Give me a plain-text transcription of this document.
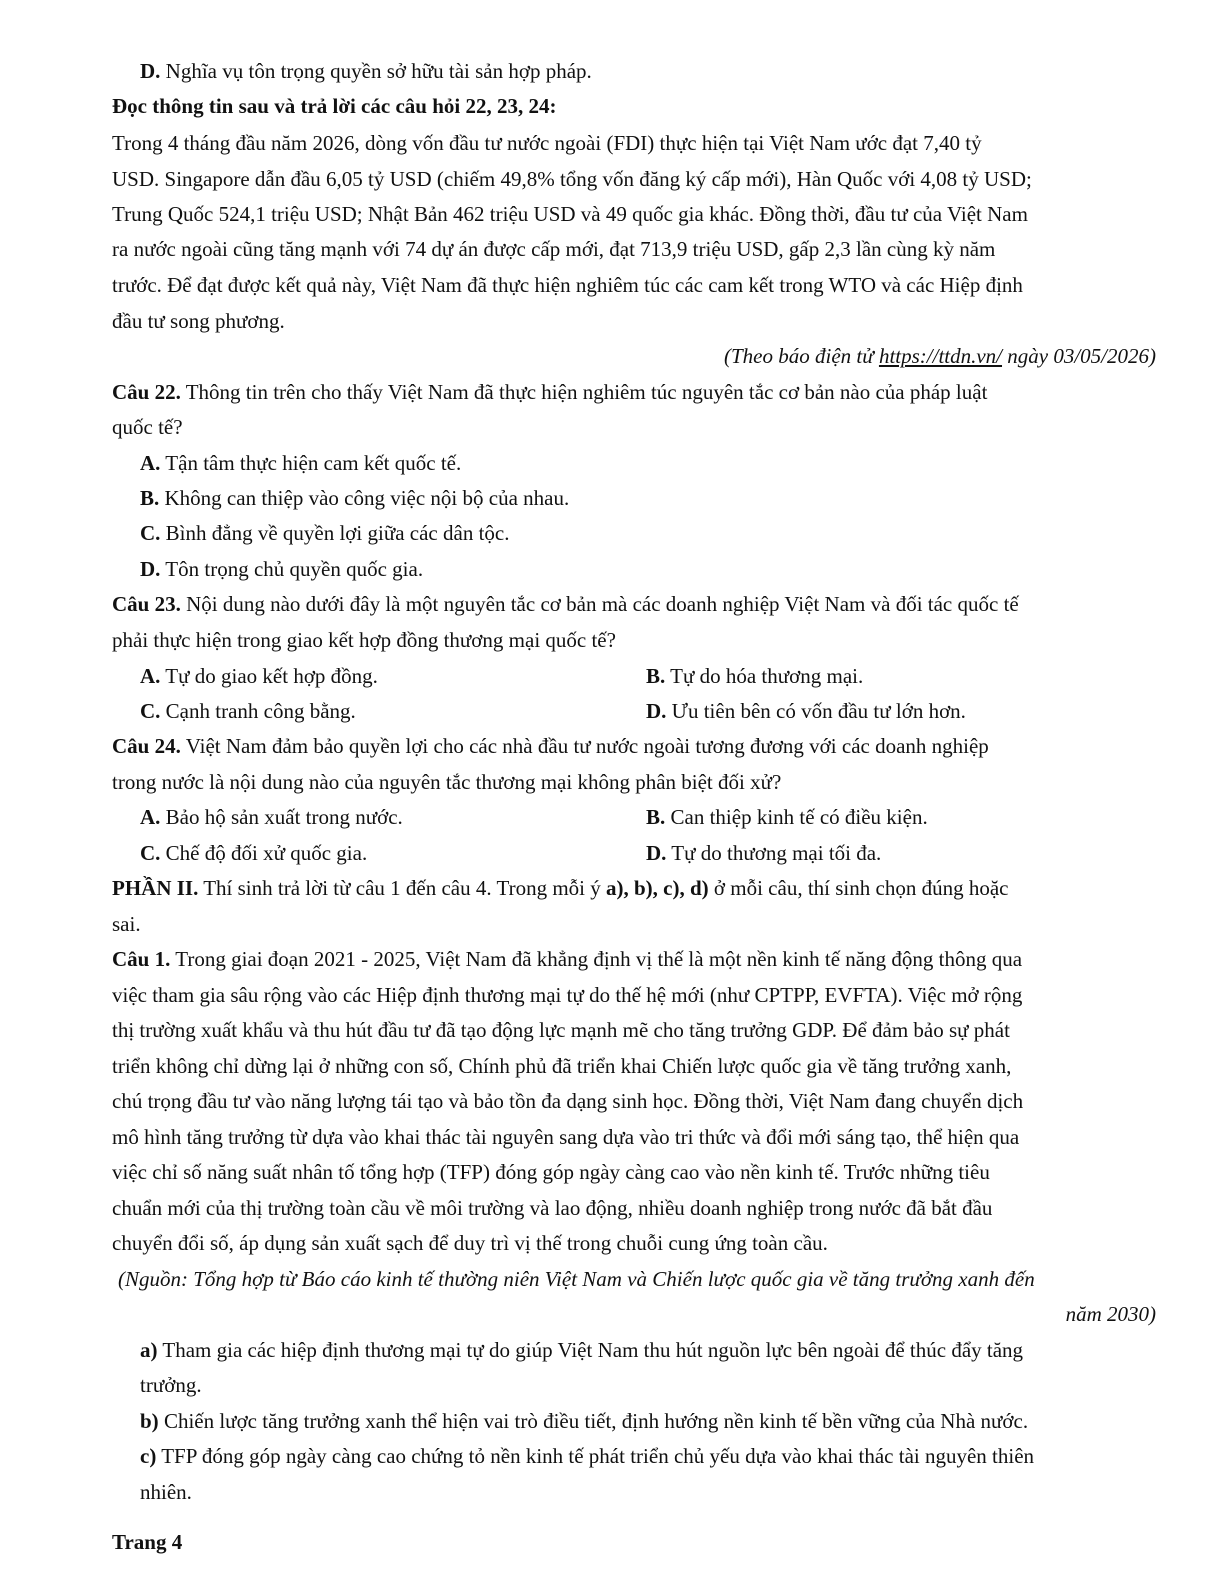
D. Nghĩa vụ tôn trọng quyền sở hữu tài sản hợp pháp.
Đọc thông tin sau và trả lời các câu hỏi 22, 23, 24:
Trong 4 tháng đầu năm 2026, dòng vốn đầu tư nước ngoài (FDI) thực hiện tại Việt Nam ước đạt 7,40 tỷ
USD. Singapore dẫn đầu 6,05 tỷ USD (chiếm 49,8% tổng vốn đăng ký cấp mới), Hàn Quốc với 4,08 tỷ USD;
Trung Quốc 524,1 triệu USD; Nhật Bản 462 triệu USD và 49 quốc gia khác. Đồng thời, đầu tư của Việt Nam
ra nước ngoài cũng tăng mạnh với 74 dự án được cấp mới, đạt 713,9 triệu USD, gấp 2,3 lần cùng kỳ năm
trước. Để đạt được kết quả này, Việt Nam đã thực hiện nghiêm túc các cam kết trong WTO và các Hiệp định
đầu tư song phương.
(Theo báo điện tử https://ttdn.vn/ ngày 03/05/2026)
Câu 22. Thông tin trên cho thấy Việt Nam đã thực hiện nghiêm túc nguyên tắc cơ bản nào của pháp luật
quốc tế?
A. Tận tâm thực hiện cam kết quốc tế.
B. Không can thiệp vào công việc nội bộ của nhau.
C. Bình đẳng về quyền lợi giữa các dân tộc.
D. Tôn trọng chủ quyền quốc gia.
Câu 23. Nội dung nào dưới đây là một nguyên tắc cơ bản mà các doanh nghiệp Việt Nam và đối tác quốc tế
phải thực hiện trong giao kết hợp đồng thương mại quốc tế?
A. Tự do giao kết hợp đồng.	B. Tự do hóa thương mại.
C. Cạnh tranh công bằng.	D. Ưu tiên bên có vốn đầu tư lớn hơn.
Câu 24. Việt Nam đảm bảo quyền lợi cho các nhà đầu tư nước ngoài tương đương với các doanh nghiệp
trong nước là nội dung nào của nguyên tắc thương mại không phân biệt đối xử?
A. Bảo hộ sản xuất trong nước.	B. Can thiệp kinh tế có điều kiện.
C. Chế độ đối xử quốc gia.	D. Tự do thương mại tối đa.
PHẦN II. Thí sinh trả lời từ câu 1 đến câu 4. Trong mỗi ý a), b), c), d) ở mỗi câu, thí sinh chọn đúng hoặc
sai.
Câu 1. Trong giai đoạn 2021 - 2025, Việt Nam đã khẳng định vị thế là một nền kinh tế năng động thông qua
việc tham gia sâu rộng vào các Hiệp định thương mại tự do thế hệ mới (như CPTPP, EVFTA). Việc mở rộng
thị trường xuất khẩu và thu hút đầu tư đã tạo động lực mạnh mẽ cho tăng trưởng GDP. Để đảm bảo sự phát
triển không chỉ dừng lại ở những con số, Chính phủ đã triển khai Chiến lược quốc gia về tăng trưởng xanh,
chú trọng đầu tư vào năng lượng tái tạo và bảo tồn đa dạng sinh học. Đồng thời, Việt Nam đang chuyển dịch
mô hình tăng trưởng từ dựa vào khai thác tài nguyên sang dựa vào tri thức và đổi mới sáng tạo, thể hiện qua
việc chỉ số năng suất nhân tố tổng hợp (TFP) đóng góp ngày càng cao vào nền kinh tế. Trước những tiêu
chuẩn mới của thị trường toàn cầu về môi trường và lao động, nhiều doanh nghiệp trong nước đã bắt đầu
chuyển đổi số, áp dụng sản xuất sạch để duy trì vị thế trong chuỗi cung ứng toàn cầu.
(Nguồn: Tổng hợp từ Báo cáo kinh tế thường niên Việt Nam và Chiến lược quốc gia về tăng trưởng xanh đến
năm 2030)
a) Tham gia các hiệp định thương mại tự do giúp Việt Nam thu hút nguồn lực bên ngoài để thúc đẩy tăng
trưởng.
b) Chiến lược tăng trưởng xanh thể hiện vai trò điều tiết, định hướng nền kinh tế bền vững của Nhà nước.
c) TFP đóng góp ngày càng cao chứng tỏ nền kinh tế phát triển chủ yếu dựa vào khai thác tài nguyên thiên
nhiên.
Trang 4
